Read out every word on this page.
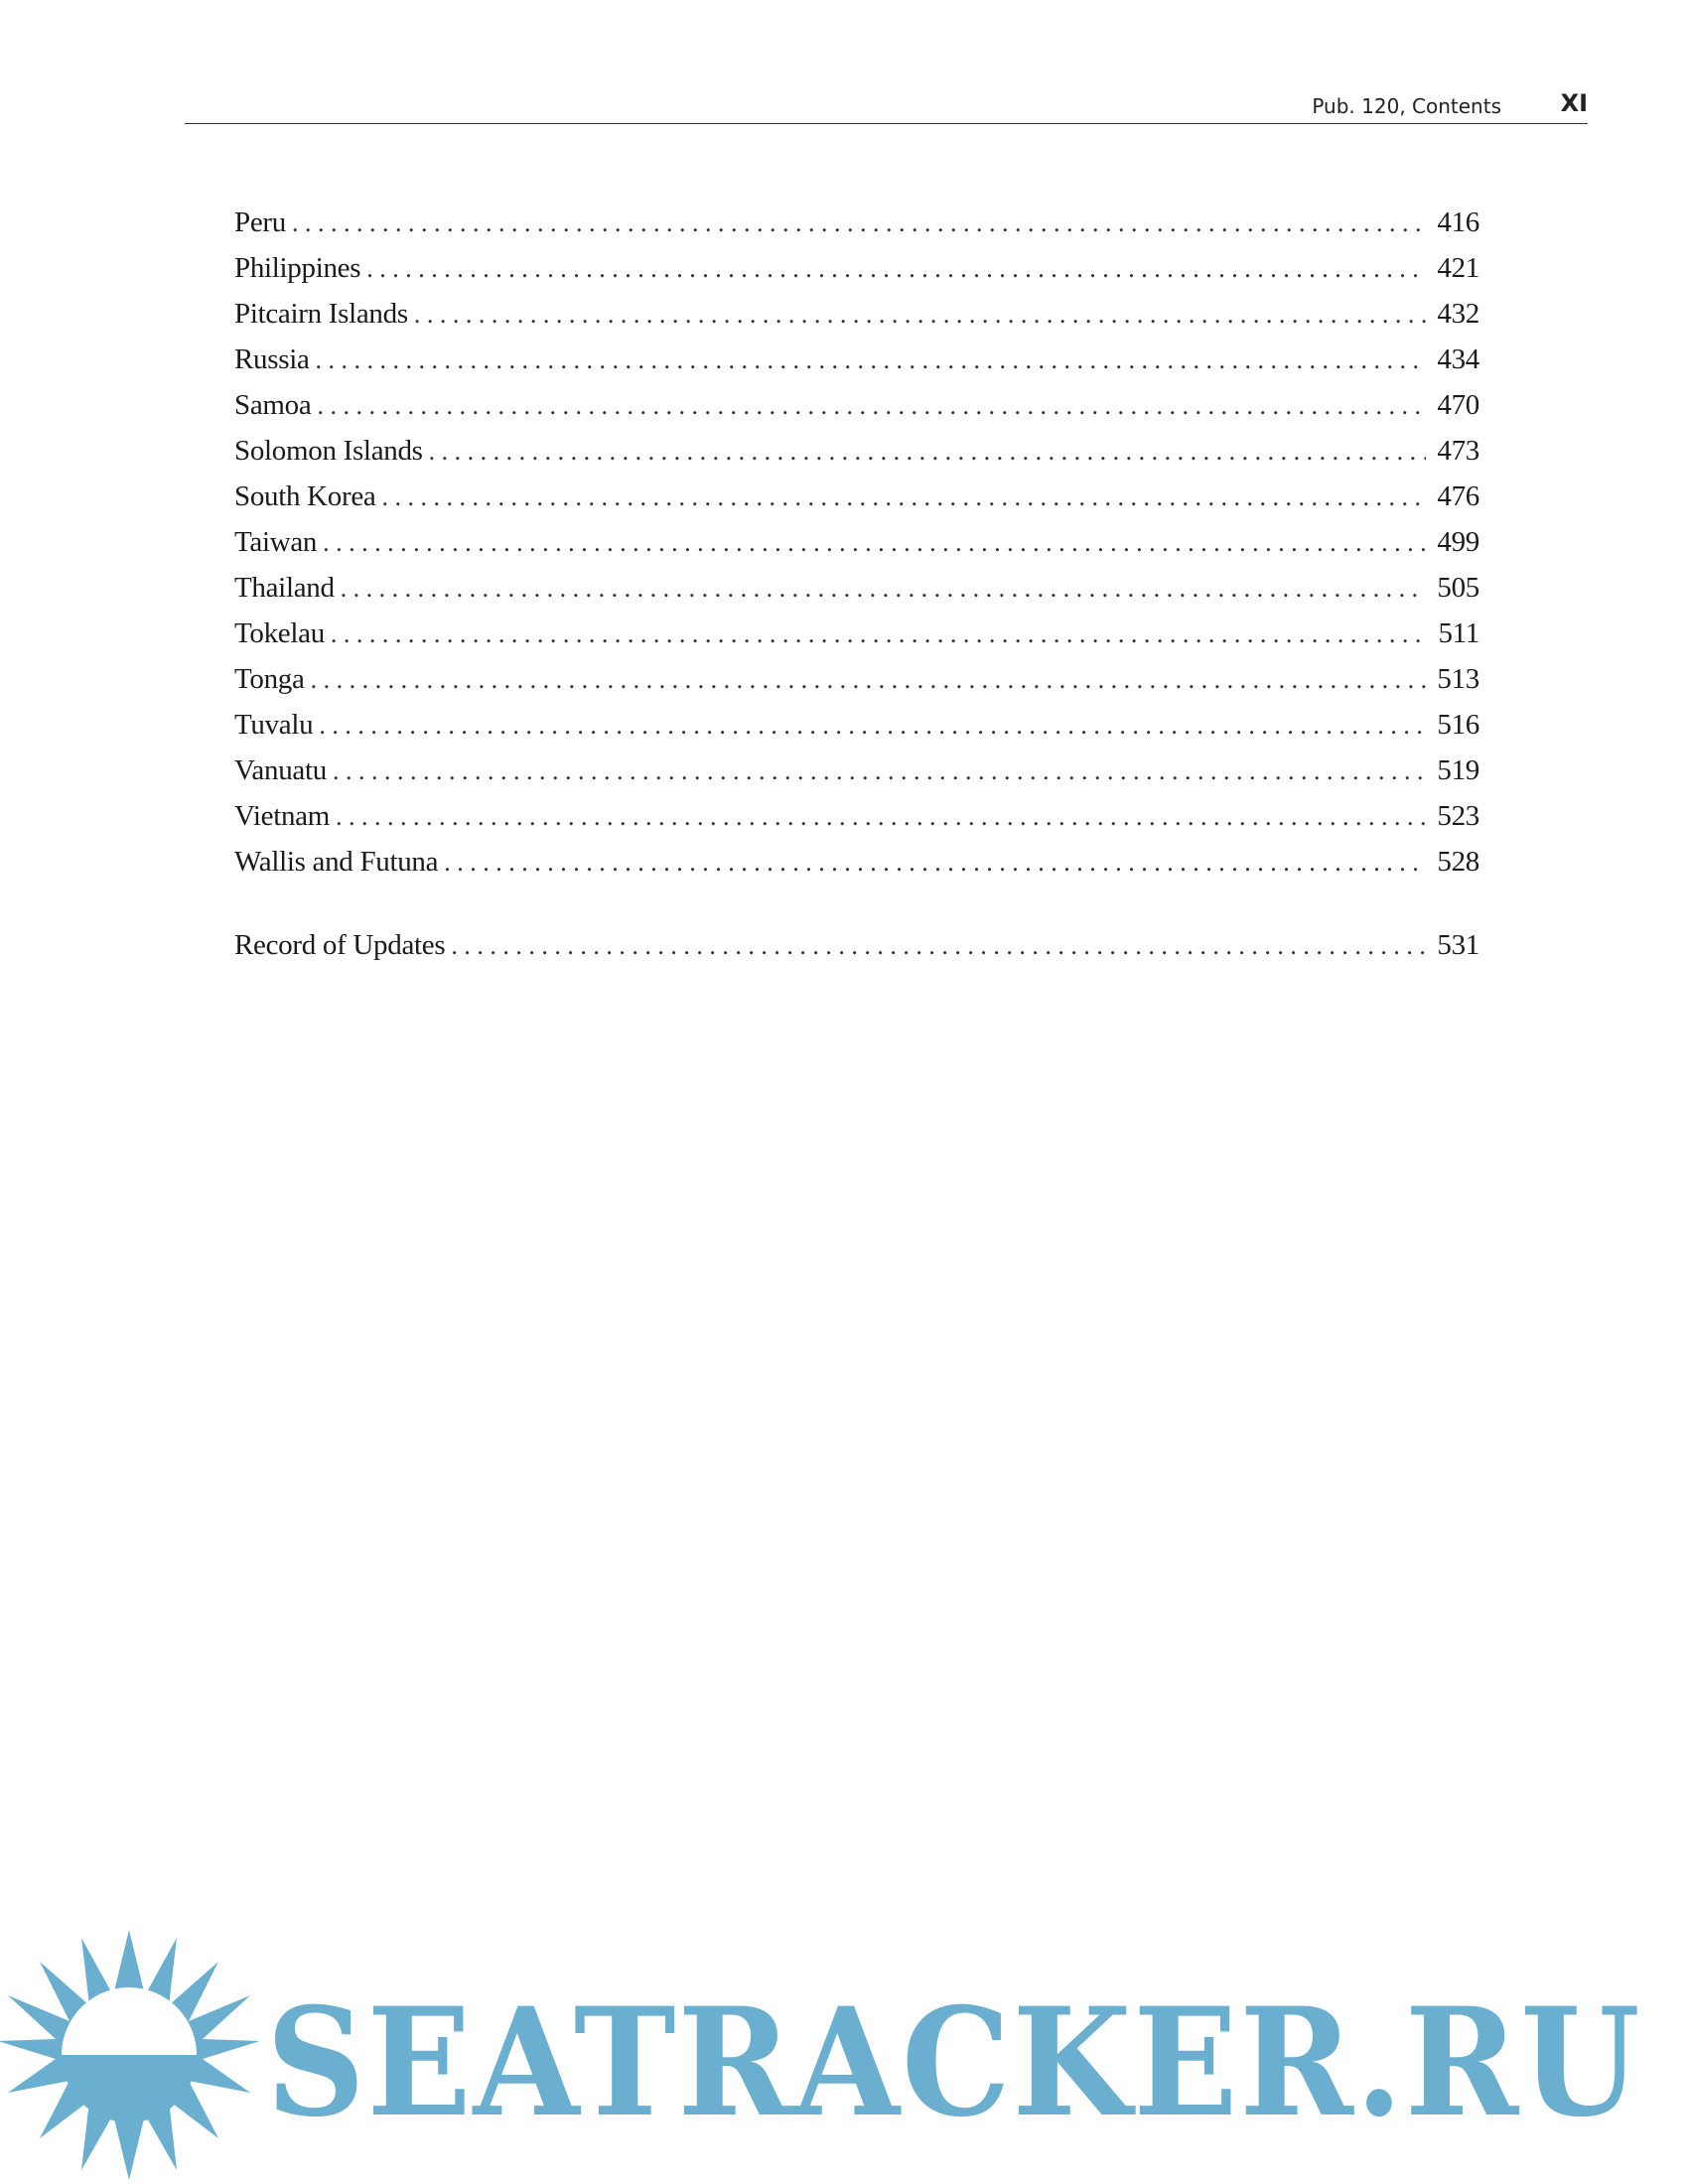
Pub. 120, Contents XI
Peru . . .	416
Philippines . . .	421
Pitcairn Islands . . .	432
Russia . . .	434
Samoa . . .	470
Solomon Islands . . .	473
South Korea . . .	476
Taiwan . . .	499
Thailand . . .	505
Tokelau . . .	511
Tonga . . .	513
Tuvalu . . .	516
Vanuatu . . .	519
Vietnam . . .	523
Wallis and Futuna . . .	528
Record of Updates . . .	531
SEATRACKER.RU
